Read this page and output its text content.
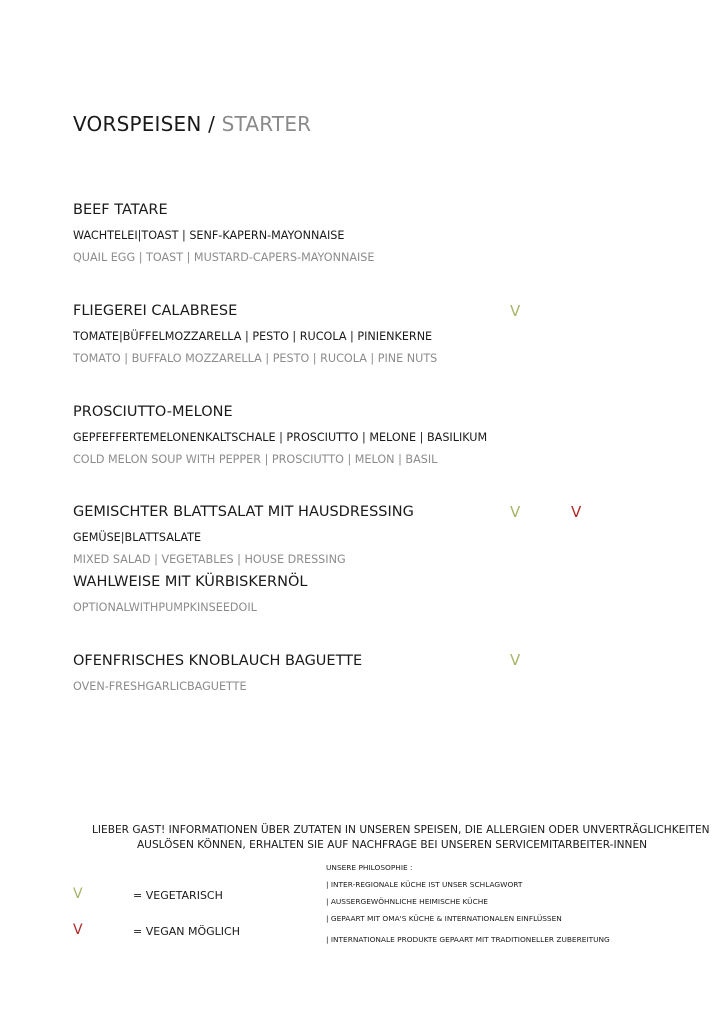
VORSPEISEN / STARTER
BEEF TATARE
WACHTELEI|TOAST | SENF-KAPERN-MAYONNAISE
QUAIL EGG | TOAST | MUSTARD-CAPERS-MAYONNAISE
FLIEGEREI CALABRESE	V
TOMATE|BÜFFELMOZZARELLA | PESTO | RUCOLA | PINIENKERNE
TOMATO | BUFFALO MOZZARELLA | PESTO | RUCOLA | PINE NUTS
PROSCIUTTO-MELONE
GEPFEFFERTEMELONENKALTSCHALE | PROSCIUTTO | MELONE | BASILIKUM
COLD MELON SOUP WITH PEPPER | PROSCIUTTO | MELON | BASIL
GEMISCHTER BLATTSALAT MIT HAUSDRESSING	V	V
GEMÜSE|BLATTSALATE
MIXED SALAD | VEGETABLES | HOUSE DRESSING
WAHLWEISE MIT KÜRBISKERNÖL
OPTIONALWITHPUMPKINSEEDOIL
OFENFRISCHES KNOBLAUCH BAGUETTE	V
OVEN-FRESHGARLICBAGUETTE
LIEBER GAST! INFORMATIONEN ÜBER ZUTATEN IN UNSEREN SPEISEN, DIE ALLERGIEN ODER UNVERTRÄGLICHKEITEN
AUSLÖSEN KÖNNEN, ERHALTEN SIE AUF NACHFRAGE BEI UNSEREN SERVICEMITARBEITER-INNEN
V	= VEGETARISCH
V	= VEGAN MÖGLICH
UNSERE PHILOSOPHIE :
| INTER-REGIONALE KÜCHE IST UNSER SCHLAGWORT
| AUSSERGEWÖHNLICHE HEIMISCHE KÜCHE
| GEPAART MIT OMA'S KÜCHE & INTERNATIONALEN EINFLÜSSEN
| INTERNATIONALE PRODUKTE GEPAART MIT TRADITIONELLER ZUBEREITUNG
